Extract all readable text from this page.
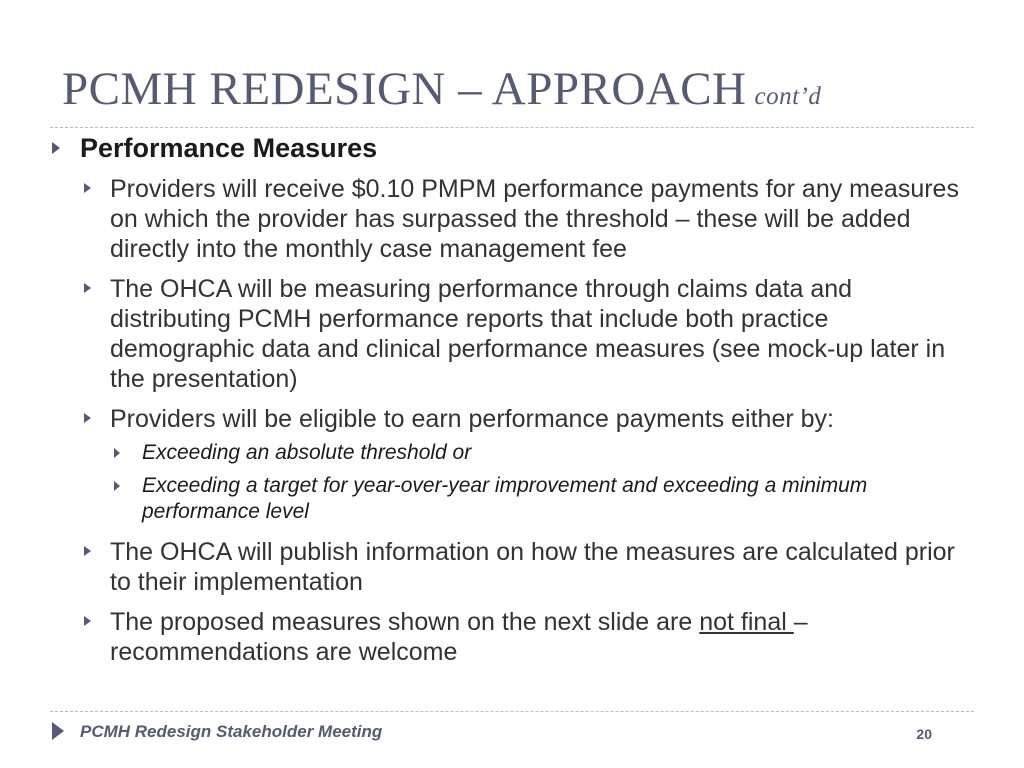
PCMH REDESIGN – APPROACH cont’d
Performance Measures
Providers will receive $0.10 PMPM performance payments for any measures on which the provider has surpassed the threshold – these will be added directly into the monthly case management fee
The OHCA will be measuring performance through claims data and distributing PCMH performance reports that include both practice demographic data and clinical performance measures (see mock-up later in the presentation)
Providers will be eligible to earn performance payments either by:
Exceeding an absolute threshold or
Exceeding a target for year-over-year improvement and exceeding a minimum performance level
The OHCA will publish information on how the measures are calculated prior to their implementation
The proposed measures shown on the next slide are not final – recommendations are welcome
PCMH Redesign Stakeholder Meeting	20
